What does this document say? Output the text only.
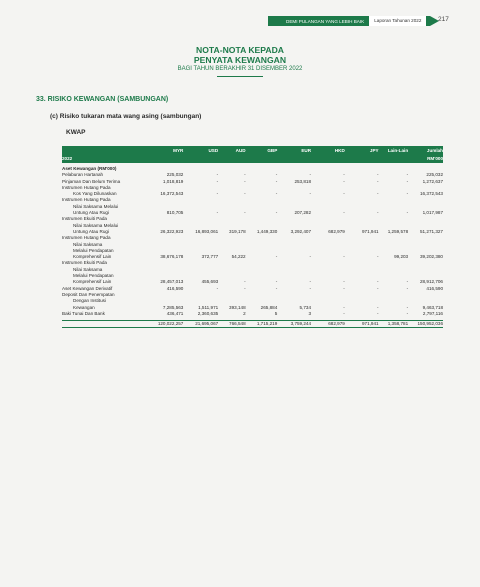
DEMI PULANGAN YANG LEBIH BAIK	Laporan Tahunan 2022	217
NOTA-NOTA KEPADA
PENYATA KEWANGAN
BAGI TAHUN BERAKHIR 31 DISEMBER 2022
33. RISIKO KEWANGAN (SAMBUNGAN)
(c) Risiko tukaran mata wang asing (sambungan)
KWAP
	MYR	USD	AUD	GBP	EUR	HKD	JPY	Lain-Lain	Jumlah
2022									RM'000

Aset Kewangan (RM'000)									
Pelaburan Hartanah	225,032	-	-	-	-	-	-	-	225,032
Pinjaman Dan Belum Terima	1,018,819	-	-	-	253,818	-	-	-	1,272,637
Instrumen Hutang Pada									
Kos Yang Dilunaskan	16,372,543	-	-	-	-	-	-	-	16,372,543
Instrumen Hutang Pada									
Nilai Saksama Melalui									
Untung Atau Rugi	810,705	-	-	-	207,282	-	-	-	1,017,987
Instrumen Ekuiti Pada									
Nilai Saksama Melalui									
Untung Atau Rugi	26,322,923	16,893,061	319,178	1,449,330	3,292,407	682,979	971,941	1,259,578	51,271,327
Instrumen Hutang Pada									
Nilai Saksama									
Melalui Pendapatan									
Komprehensif Lain	38,676,178	372,777	54,222	-	-	-	-	99,203	39,202,380
Instrumen Ekuiti Pada									
Nilai Saksama									
Melalui Pendapatan									
Komprehensif Lain	28,457,013	455,693	-	-	-	-	-	-	28,912,706
Aset Kewangan Derivatif	416,590	-	-	-	-	-	-	-	416,590
Deposit Dan Penempatan									
Dengan Institusi									
Kewangan	7,285,563	1,511,971	393,148	265,884	5,734	-	-	-	9,463,718
Baki Tunai Dan Bank	436,471	2,360,635	2	5	3	-	-	-	2,797,116

	120,022,257	21,695,067	766,548	1,715,219	3,759,244	682,979	971,941	1,358,781	150,952,036
